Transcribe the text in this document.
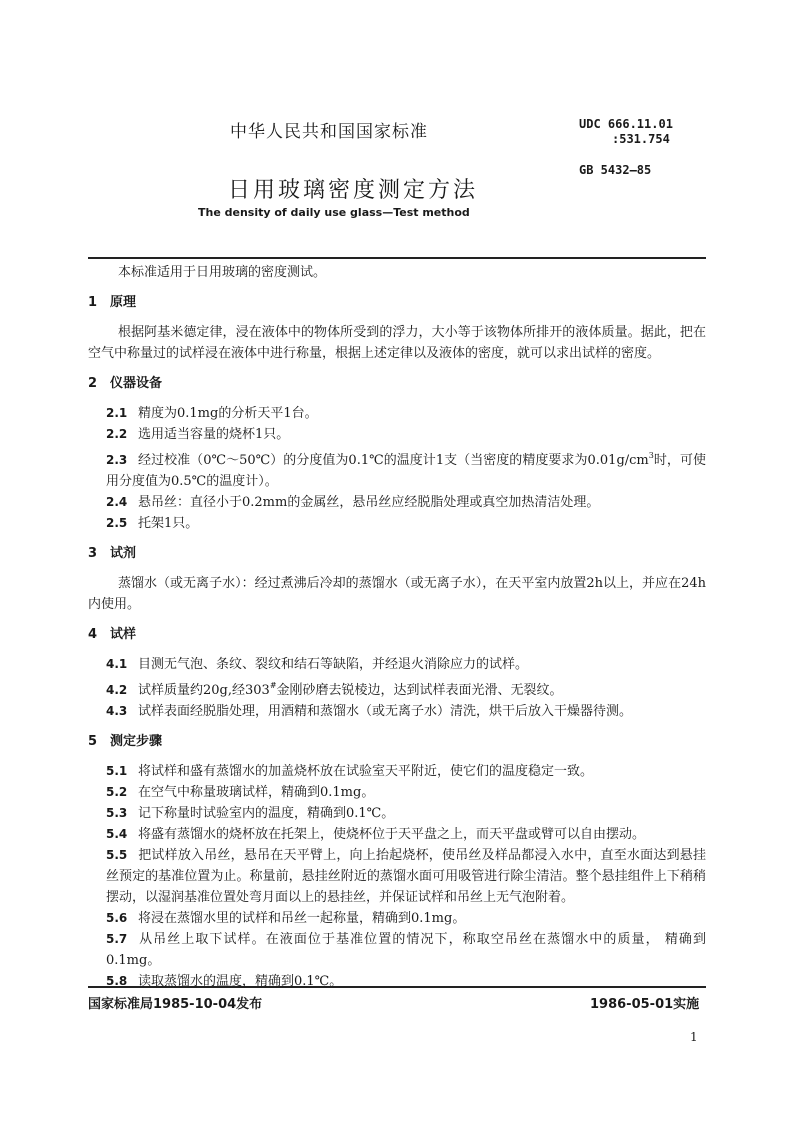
中华人民共和国国家标准	UDC 666.11.01
:531.754
GB 5432—85
日用玻璃密度测定方法
The density of daily use glass—Test method

本标准适用于日用玻璃的密度测试。

1 原理

根据阿基米德定律，浸在液体中的物体所受到的浮力，大小等于该物体所排开的液体质量。据此，把在空气中称量过的试样浸在液体中进行称量，根据上述定律以及液体的密度，就可以求出试样的密度。

2 仪器设备

2.1 精度为0.1mg的分析天平1台。

2.2 选用适当容量的烧杯1只。

2.3 经过校准（0℃～50℃）的分度值为0.1℃的温度计1支（当密度的精度要求为$0.01g/cm^3$时，可使用分度值为0.5℃的温度计）。

2.4 悬吊丝：直径小于0.2mm的金属丝，悬吊丝应经脱脂处理或真空加热清洁处理。

2.5 托架1只。

3 试剂

蒸馏水（或无离子水）：经过煮沸后冷却的蒸馏水（或无离子水），在天平室内放置2h以上，并应在24h内使用。

4 试样

4.1 目测无气泡、条纹、裂纹和结石等缺陷，并经退火消除应力的试样。

4.2 试样质量约20g,经303#金刚砂磨去锐棱边，达到试样表面光滑、无裂纹。

4.3 试样表面经脱脂处理，用酒精和蒸馏水（或无离子水）清洗，烘干后放入干燥器待测。

5 测定步骤

5.1 将试样和盛有蒸馏水的加盖烧杯放在试验室天平附近，使它们的温度稳定一致。

5.2 在空气中称量玻璃试样，精确到0.1mg。

5.3 记下称量时试验室内的温度，精确到0.1℃。

5.4 将盛有蒸馏水的烧杯放在托架上，使烧杯位于天平盘之上，而天平盘或臂可以自由摆动。

5.5 把试样放入吊丝，悬吊在天平臂上，向上抬起烧杯，使吊丝及样品都浸入水中，直至水面达到悬挂丝预定的基准位置为止。称量前，悬挂丝附近的蒸馏水面可用吸管进行除尘清洁。整个悬挂组件上下稍稍摆动，以湿润基准位置处弯月面以上的悬挂丝，并保证试样和吊丝上无气泡附着。

5.6 将浸在蒸馏水里的试样和吊丝一起称量，精确到0.1mg。

5.7 从吊丝上取下试样。在液面位于基准位置的情况下，称取空吊丝在蒸馏水中的质量， 精确到0.1mg。

5.8 读取蒸馏水的温度，精确到0.1℃。

国家标准局1985-10-04发布	1986-05-01实施
1
